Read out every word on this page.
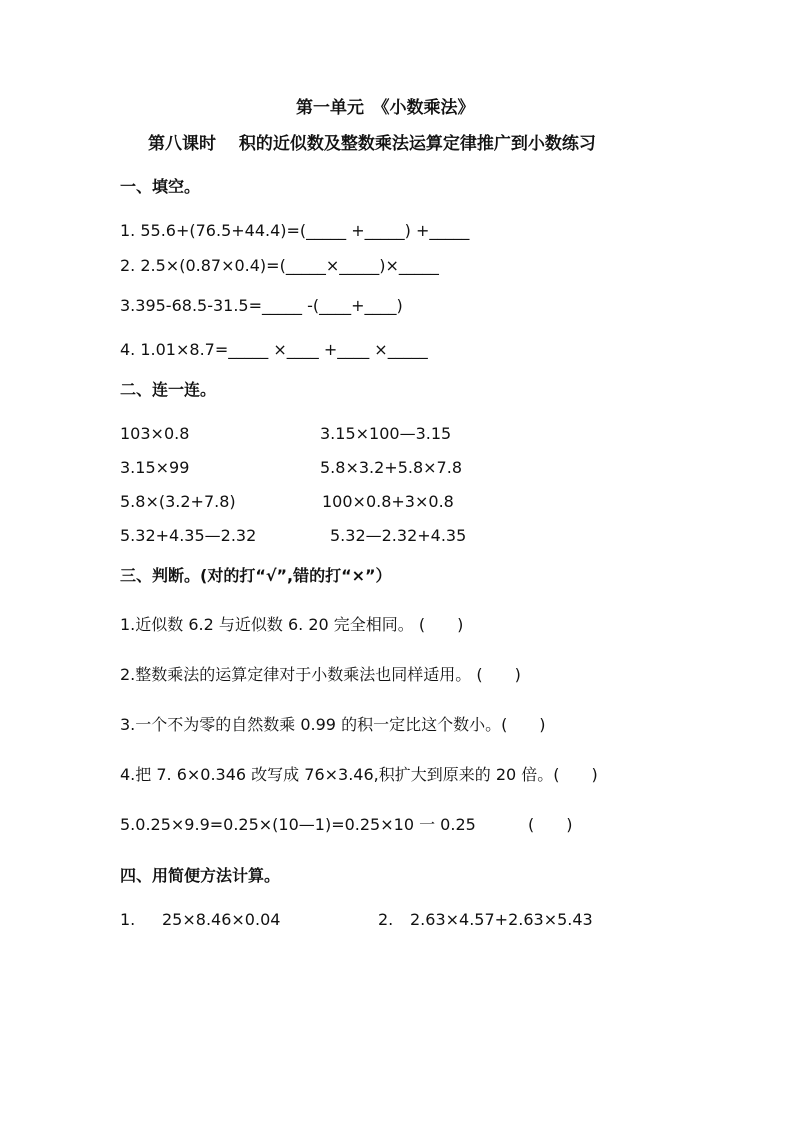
第一单元　《小数乘法》
第八课时　 积的近似数及整数乘法运算定律推广到小数练习
一、填空。
1. 55.6+(76.5+44.4)=(_____ +_____) +_____
2. 2.5×(0.87×0.4)=(_____×_____)×_____
3.395-68.5-31.5=_____ -(____+____)
4. 1.01×8.7=_____ ×____ +____ ×_____
二、连一连。
103×0.8
3.15×99
5.8×(3.2+7.8)
5.32+4.35—2.32
3.15×100—3.15
5.8×3.2+5.8×7.8
100×0.8+3×0.8
5.32—2.32+4.35
三、判断。(对的打“√”,错的打“×”）
1.近似数 6.2 与近似数 6. 20 完全相同。 (　　)
2.整数乘法的运算定律对于小数乘法也同样适用。 (　　)
3.一个不为零的自然数乘 0.99 的积一定比这个数小。(　　)
4.把 7. 6×0.346 改写成 76×3.46,积扩大到原来的 20 倍。(　　)
5.0.25×9.9=0.25×(10—1)=0.25×10 一 0.25	(　　)
四、用简便方法计算。
1. 25×8.46×0.04	2. 2.63×4.57+2.63×5.43
